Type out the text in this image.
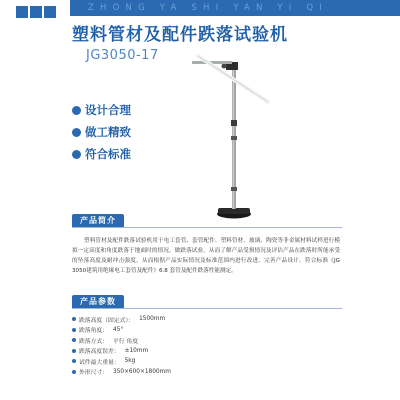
ZHONG YA SHI YAN YI QI
塑料管材及配件跌落试验机
JG3050-17
设计合理
做工精致
符合标准
产品简介
塑料管材及配件跌落试验机用于电工套管、套管配件、塑料管材、玻璃、陶瓷等非金属材料试样进行模拟一定高度和角度跌落于地面时的情况，做跌落试验。从而了解产品受损情况及评估产品在跌落时所能承受的坠落高度及耐冲击强度。从而根据产品实际情况及标准范围内进行改进、完善产品设计。符合标准《JG 3050建筑用绝缘电工套管及配件》6.8 套管及配件跌落性能测定。
产品参数
跌落高度（固定式）： 1500mm
跌落角度： 45°
跌落方式： 平行 角度
跌落高度误差： ±10mm
试件最大重量： 5kg
外形尺寸： 350×600×1800mm
